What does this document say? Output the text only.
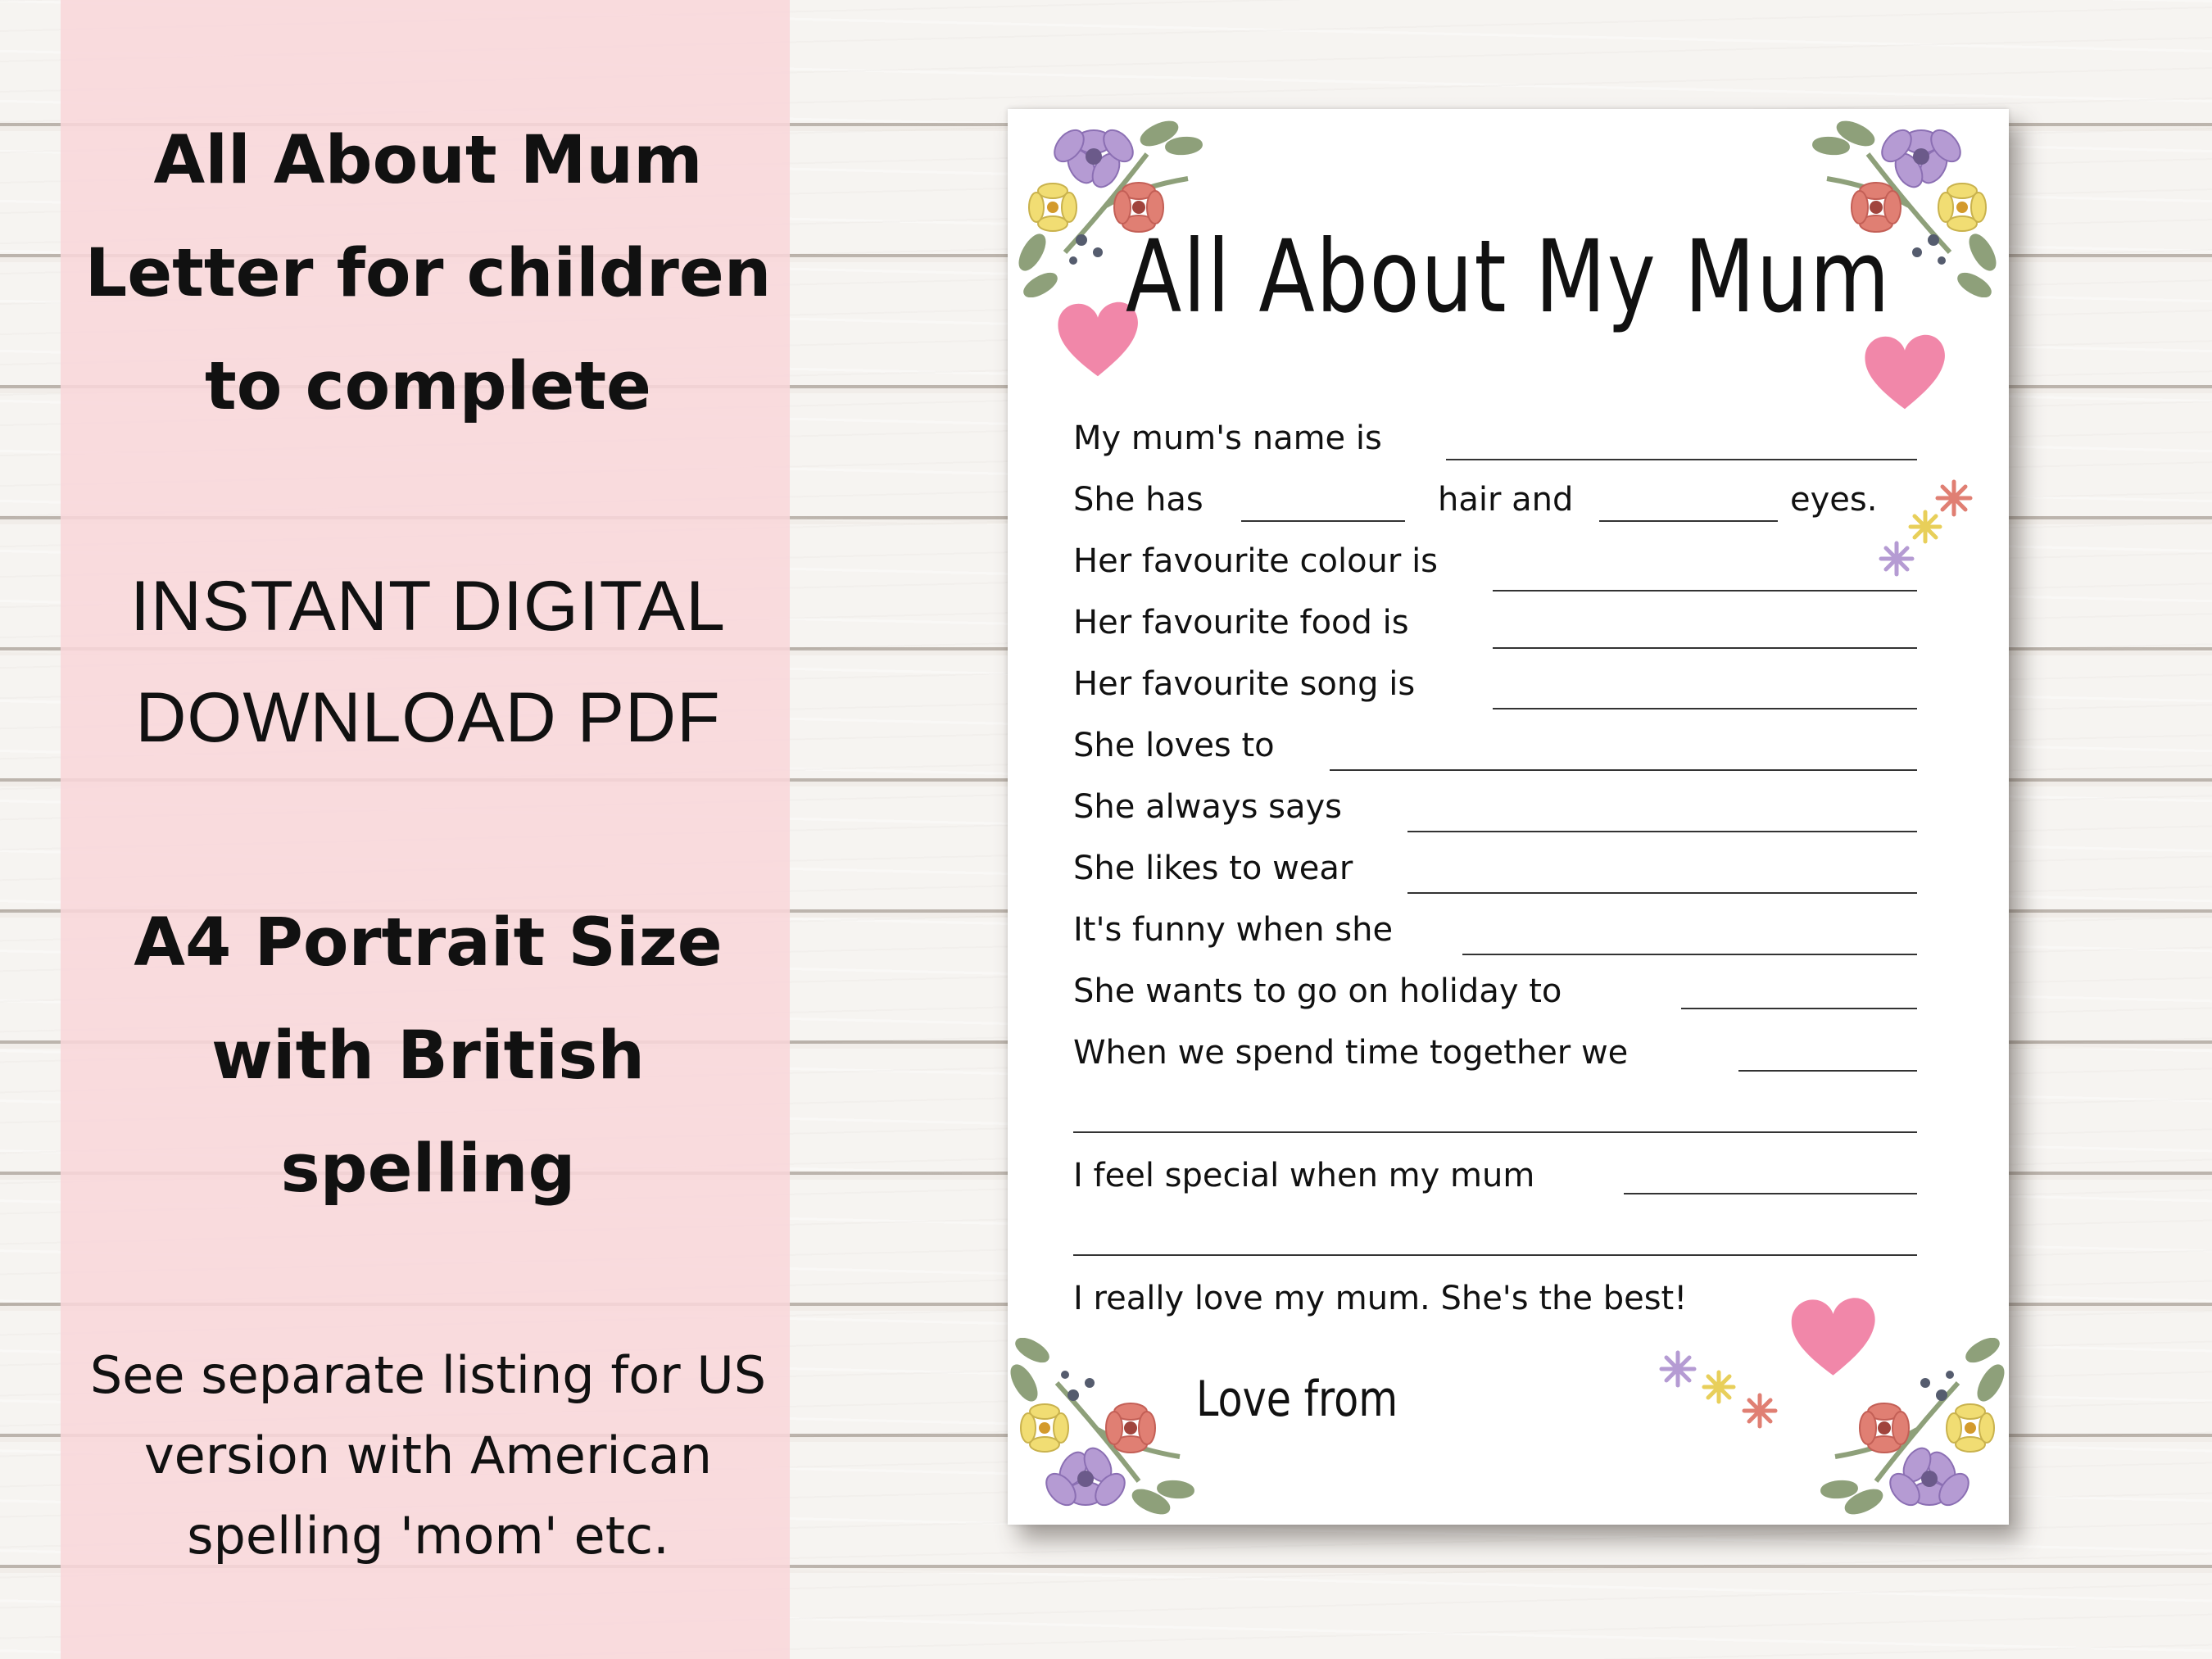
All About Mum
Letter for children
to complete
INSTANT DIGITAL
DOWNLOAD PDF
A4 Portrait Size
with British
spelling
See separate listing for US
version with American
spelling 'mom' etc.
All About My Mum
My mum's name is
She has	hair and	eyes.
Her favourite colour is
Her favourite food is
Her favourite song is
She loves to
She always says
She likes to wear
It's funny when she
She wants to go on holiday to
When we spend time together we
I feel special when my mum
I really love my mum. She's the best!
Love from
